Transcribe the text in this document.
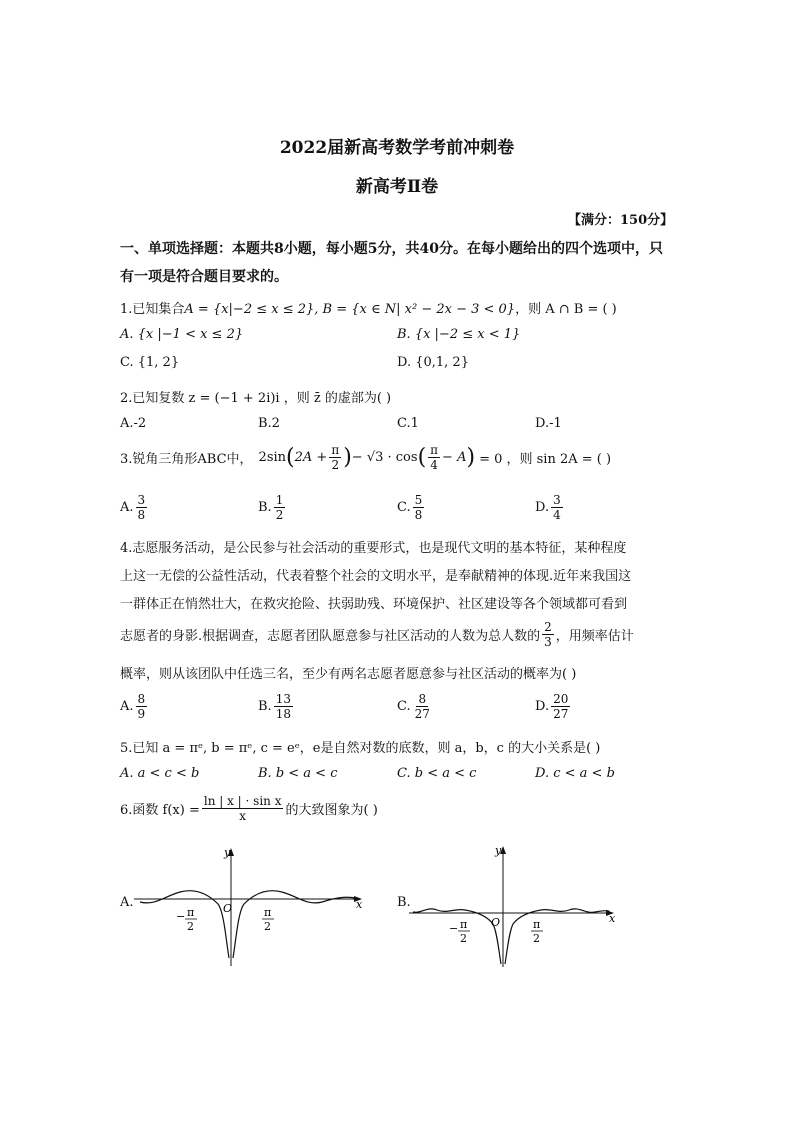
2022届新高考数学考前冲刺卷
新高考Ⅱ卷
【满分：150分】
一、单项选择题：本题共8小题，每小题5分，共40分。在每小题给出的四个选项中，只
有一项是符合题目要求的。
1.已知集合A = {x|−2 ≤ x ≤ 2}, B = {x ∈ N| x² − 2x − 3 < 0}，则 A ∩ B = ( )
A. {x |−1 < x ≤ 2}	B. {x |−2 ≤ x < 1}
C. {1, 2}	D. {0,1, 2}
2.已知复数 z = (−1 + 2i)i ，则 z̄ 的虚部为( )
A.-2	B.2	C.1	D.-1
3.锐角三角形ABC中， 2sin ( $2A + \frac{\pi}{2}$ ) − √3 · cos ( $\frac{\pi}{4} - A$ ) = 0 ，则 sin 2A = ( )
A. $\frac{3}{8}$	B. $\frac{1}{2}$	C. $\frac{5}{8}$	D. $\frac{3}{4}$
4.志愿服务活动，是公民参与社会活动的重要形式，也是现代文明的基本特征，某种程度
上这一无偿的公益性活动，代表着整个社会的文明水平，是奉献精神的体现.近年来我国这
一群体正在悄然壮大，在救灾抢险、扶弱助残、环境保护、社区建设等各个领域都可看到
志愿者的身影.根据调查，志愿者团队愿意参与社区活动的人数为总人数的 $\frac{2}{3}$ ，用频率估计
概率，则从该团队中任选三名，至少有两名志愿者愿意参与社区活动的概率为( )
A. $\frac{8}{9}$	B. $\frac{13}{18}$	C. $\frac{8}{27}$	D. $\frac{20}{27}$
5.已知 a = πᵉ, b = πᵉ, c = eᵉ，e是自然对数的底数，则 a，b，c 的大小关系是( )
A. a < c < b	B. b < a < c	C. b < a < c	D. c < a < b
6.函数 $f(x) = \frac{\text{ln | x | · sin x}}{x}$ 的大致图象为( )
A.	O
y
x
− π
2
π
2
B.
O
y
x
− π
2
π
2
